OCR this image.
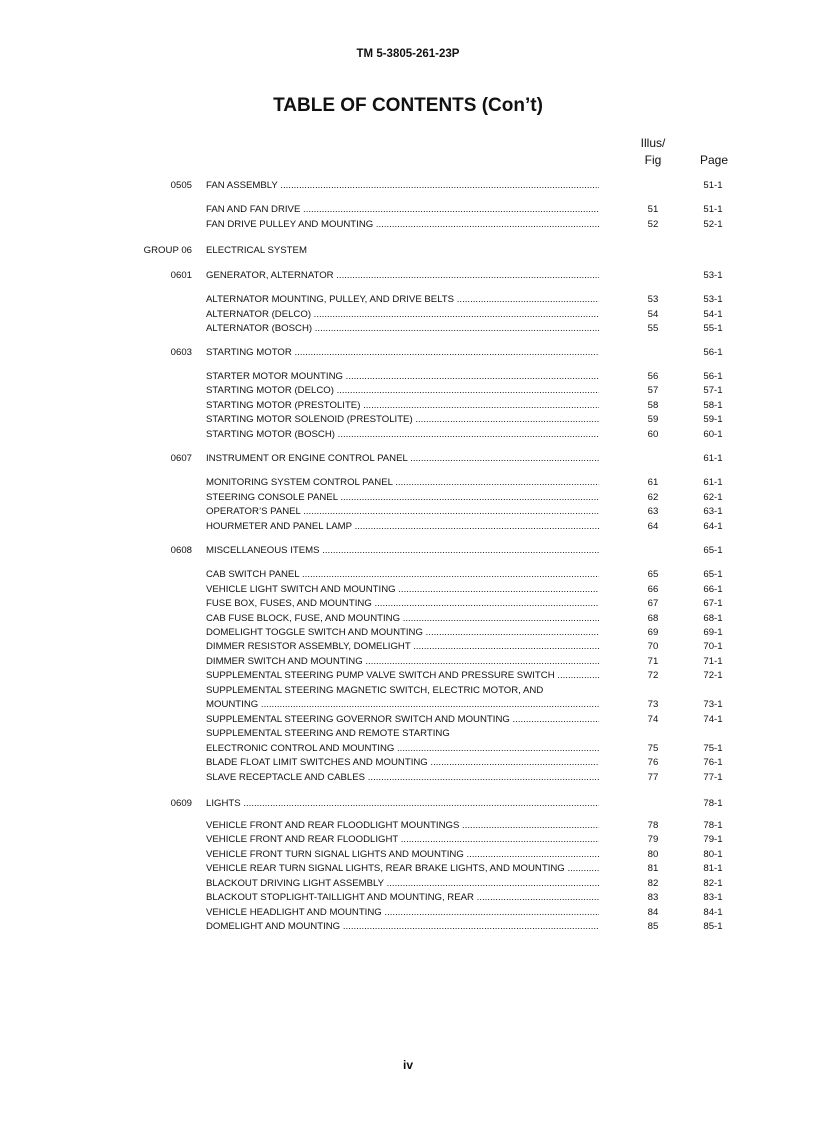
TM 5-3805-261-23P
TABLE OF CONTENTS (Con’t)
Illus/
Fig	Page
0505 FAN ASSEMBLY .....	51-1
FAN AND FAN DRIVE .....	51	51-1
FAN DRIVE PULLEY AND MOUNTING .....	52	52-1
GROUP 06 ELECTRICAL SYSTEM
0601 GENERATOR, ALTERNATOR .....	53-1
ALTERNATOR MOUNTING, PULLEY, AND DRIVE BELTS .....	53	53-1
ALTERNATOR (DELCO) .....	54	54-1
ALTERNATOR (BOSCH) .....	55	55-1
0603 STARTING MOTOR .....	56-1
STARTER MOTOR MOUNTING .....	56	56-1
STARTING MOTOR (DELCO) .....	57	57-1
STARTING MOTOR (PRESTOLITE) .....	58	58-1
STARTING MOTOR SOLENOID (PRESTOLITE) .....	59	59-1
STARTING MOTOR (BOSCH) .....	60	60-1
0607 INSTRUMENT OR ENGINE CONTROL PANEL .....	61-1
MONITORING SYSTEM CONTROL PANEL .....	61	61-1
STEERING CONSOLE PANEL .....	62	62-1
OPERATOR’S PANEL .....	63	63-1
HOURMETER AND PANEL LAMP .....	64	64-1
0608 MISCELLANEOUS ITEMS .....	65-1
CAB SWITCH PANEL .....	65	65-1
VEHICLE LIGHT SWITCH AND MOUNTING .....	66	66-1
FUSE BOX, FUSES, AND MOUNTING .....	67	67-1
CAB FUSE BLOCK, FUSE, AND MOUNTING .....	68	68-1
DOMELIGHT TOGGLE SWITCH AND MOUNTING .....	69	69-1
DIMMER RESISTOR ASSEMBLY, DOMELIGHT .....	70	70-1
DIMMER SWITCH AND MOUNTING .....	71	71-1
SUPPLEMENTAL STEERING PUMP VALVE SWITCH AND PRESSURE SWITCH .....	72	72-1
SUPPLEMENTAL STEERING MAGNETIC SWITCH, ELECTRIC MOTOR, AND
MOUNTING .....	73	73-1
SUPPLEMENTAL STEERING GOVERNOR SWITCH AND MOUNTING .....	74	74-1
SUPPLEMENTAL STEERING AND REMOTE STARTING
ELECTRONIC CONTROL AND MOUNTING .....	75	75-1
BLADE FLOAT LIMIT SWITCHES AND MOUNTING .....	76	76-1
SLAVE RECEPTACLE AND CABLES .....	77	77-1
0609 LIGHTS .....	78-1
VEHICLE FRONT AND REAR FLOODLIGHT MOUNTINGS .....	78	78-1
VEHICLE FRONT AND REAR FLOODLIGHT .....	79	79-1
VEHICLE FRONT TURN SIGNAL LIGHTS AND MOUNTING .....	80	80-1
VEHICLE REAR TURN SIGNAL LIGHTS, REAR BRAKE LIGHTS, AND MOUNTING .....	81	81-1
BLACKOUT DRIVING LIGHT ASSEMBLY .....	82	82-1
BLACKOUT STOPLIGHT-TAILLIGHT AND MOUNTING, REAR .....	83	83-1
VEHICLE HEADLIGHT AND MOUNTING .....	84	84-1
DOMELIGHT AND MOUNTING .....	85	85-1
iv
